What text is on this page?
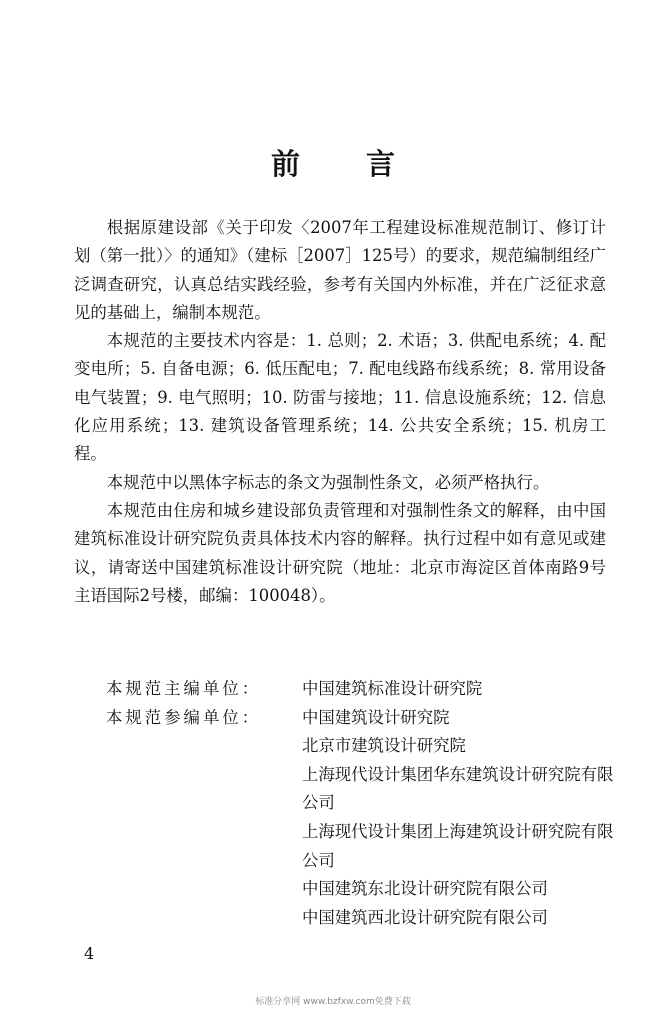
前 言

根据原建设部《关于印发〈2007年工程建设标准规范制订、修订计划（第一批）〉的通知》（建标［2007］125号）的要求，规范编制组经广泛调查研究，认真总结实践经验，参考有关国内外标准，并在广泛征求意见的基础上，编制本规范。

本规范的主要技术内容是：1. 总则；2. 术语；3. 供配电系统；4. 配变电所；5. 自备电源；6. 低压配电；7. 配电线路布线系统；8. 常用设备电气装置；9. 电气照明；10. 防雷与接地；11. 信息设施系统；12. 信息化应用系统；13. 建筑设备管理系统；14. 公共安全系统；15. 机房工程。

本规范中以黑体字标志的条文为强制性条文，必须严格执行。

本规范由住房和城乡建设部负责管理和对强制性条文的解释，由中国建筑标准设计研究院负责具体技术内容的解释。执行过程中如有意见或建议，请寄送中国建筑标准设计研究院（地址：北京市海淀区首体南路9号主语国际2号楼，邮编：100048）。

本规范主编单位：	中国建筑标准设计研究院
本规范参编单位：	中国建筑设计研究院
北京市建筑设计研究院
上海现代设计集团华东建筑设计研究院有限公司
上海现代设计集团上海建筑设计研究院有限公司
中国建筑东北设计研究院有限公司
中国建筑西北设计研究院有限公司
4
标准分享网 www.bzfxw.com免费下载
